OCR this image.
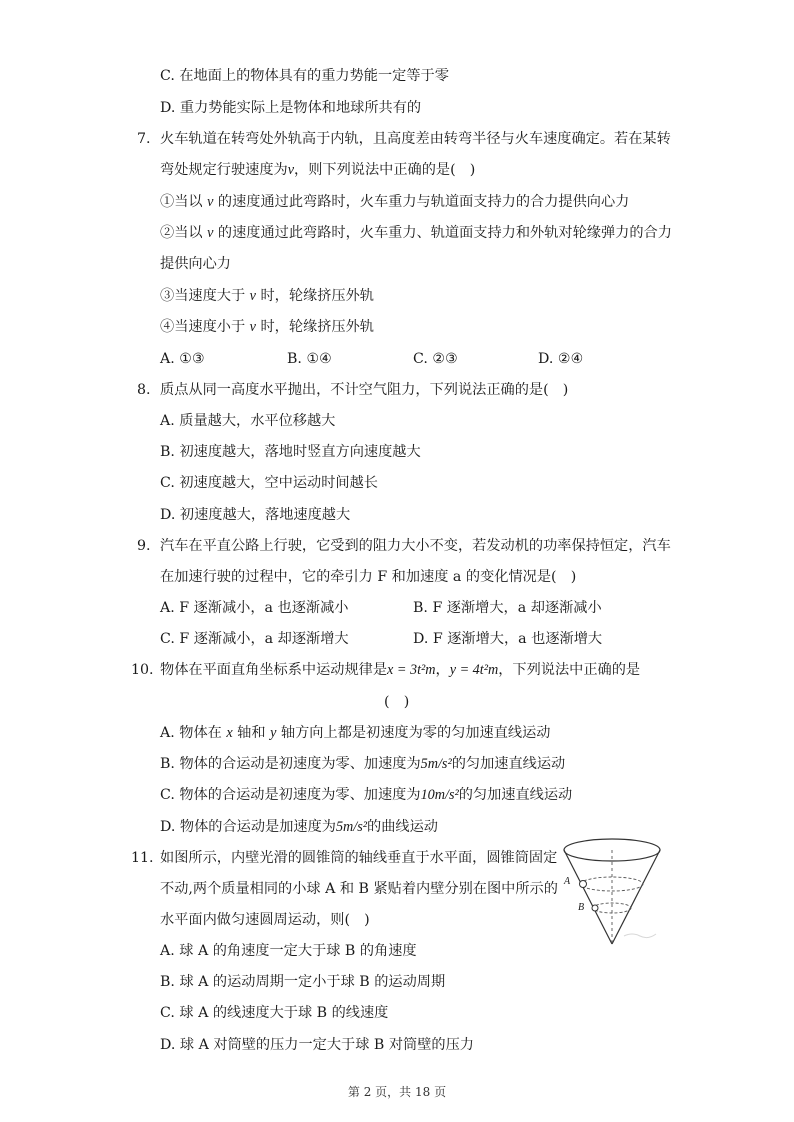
C. 在地面上的物体具有的重力势能一定等于零
D. 重力势能实际上是物体和地球所共有的
7. 火车轨道在转弯处外轨高于内轨，且高度差由转弯半径与火车速度确定。若在某转
弯处规定行驶速度为v，则下列说法中正确的是(　)
①当以 v 的速度通过此弯路时，火车重力与轨道面支持力的合力提供向心力
②当以 v 的速度通过此弯路时，火车重力、轨道面支持力和外轨对轮缘弹力的合力
提供向心力
③当速度大于 v 时，轮缘挤压外轨
④当速度小于 v 时，轮缘挤压外轨
A. ①③	B. ①④	C. ②③	D. ②④
8. 质点从同一高度水平抛出，不计空气阻力，下列说法正确的是(　)
A. 质量越大，水平位移越大
B. 初速度越大，落地时竖直方向速度越大
C. 初速度越大，空中运动时间越长
D. 初速度越大，落地速度越大
9. 汽车在平直公路上行驶，它受到的阻力大小不变，若发动机的功率保持恒定，汽车
在加速行驶的过程中，它的牵引力 F 和加速度 a 的变化情况是(　)
A. F 逐渐减小，a 也逐渐减小	B. F 逐渐增大，a 却逐渐减小
C. F 逐渐减小，a 却逐渐增大	D. F 逐渐增大，a 也逐渐增大
10. 物体在平面直角坐标系中运动规律是x = 3t²m，y = 4t²m，下列说法中正确的是
(　)
A. 物体在 x 轴和 y 轴方向上都是初速度为零的匀加速直线运动
B. 物体的合运动是初速度为零、加速度为5m/s²的匀加速直线运动
C. 物体的合运动是初速度为零、加速度为10m/s²的匀加速直线运动
D. 物体的合运动是加速度为5m/s²的曲线运动
11. 如图所示，内壁光滑的圆锥筒的轴线垂直于水平面，圆锥筒固定
不动,两个质量相同的小球 A 和 B 紧贴着内壁分别在图中所示的
水平面内做匀速圆周运动，则(　)
A. 球 A 的角速度一定大于球 B 的角速度
B. 球 A 的运动周期一定小于球 B 的运动周期
C. 球 A 的线速度大于球 B 的线速度
D. 球 A 对筒壁的压力一定大于球 B 对筒壁的压力
A
B
第 2 页，共 18 页
